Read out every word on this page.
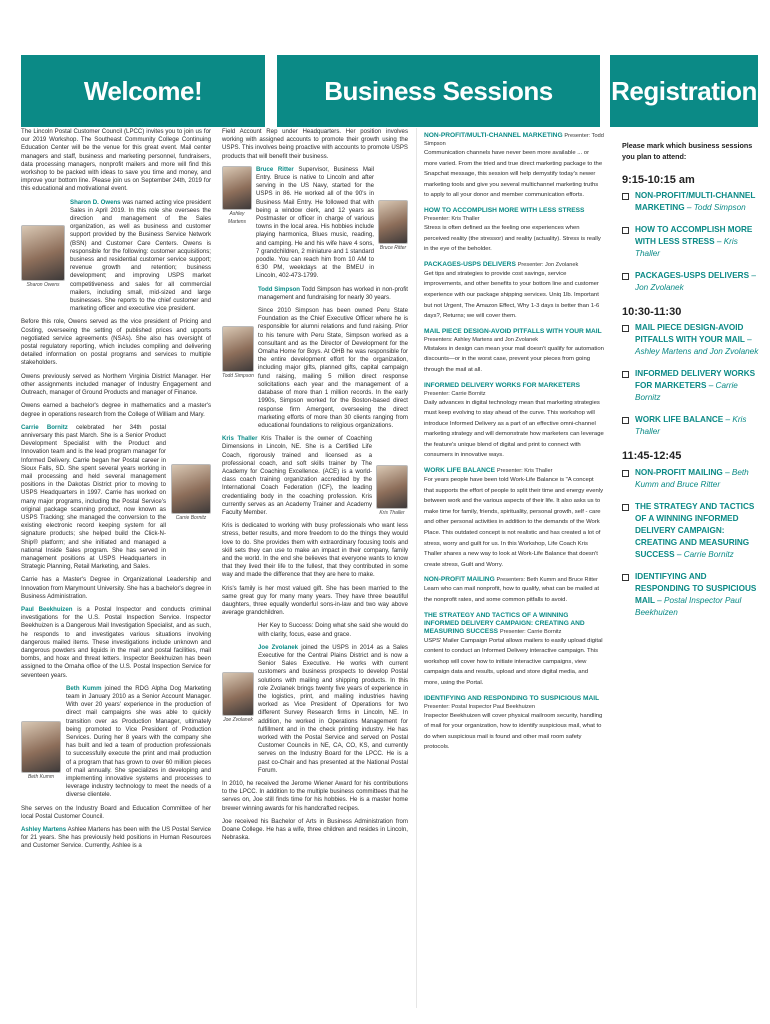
Welcome!	Business Sessions Registration

The Lincoln Postal Customer Council (LPCC) invites you to join us for our 2019 Workshop. The Southeast Community College Continuing Education Center will be the venue for this great event. Mail center managers and staff, business and marketing personnel, fundraisers, data processing managers, nonprofit mailers and more will find this workshop to be packed with ideas to save you time and money, and improve your bottom line. Please join us on September 24th, 2019 for this educational and motivational event.

Sharon Owens

Sharon D. Owens was named acting vice president Sales in April 2019. In this role she oversees the direction and management of the Sales organization, as well as business and customer support provided by the Business Service Network (BSN) and Customer Care Centers. Owens is responsible for the following: customer acquisitions; business and residential customer service support; revenue growth and retention; business development; and improving USPS market competitiveness and sales for all commercial mailers, including small, mid-sized and large businesses. She reports to the chief customer and marketing officer and executive vice president.

Before this role, Owens served as the vice president of Pricing and Costing, overseeing the setting of published prices and upports negotiated service agreements (NSAs). She also has oversight of postal regulatory reporting, which includes compiling and delivering detailed information on postal programs and services to multiple stakeholders.

Owens previously served as Northern Virginia District Manager. Her other assignments included manager of Industry Engagement and Outreach, manager of Ground Products and manager of Finance.

Owens earned a bachelor's degree in mathematics and a master's degree in operations research from the College of William and Mary.

Carrie Bornitz celebrated her 34th postal anniversary this past March. She is a Senior Product Development Specialist with the Product and Innovation team and is the lead program manager for Informed Delivery. Carrie began her Postal career in Sioux Falls, SD. She spent several years working in mail processing and held several management positions in the Dakotas District prior to moving to USPS Headquarters in 1997. Carrie has worked on many major programs, including the Postal Service's original package scanning product, now known as USPS Tracking; she managed the conversion to the existing electronic record keeping system for all signature products; she helped build the Click-N-Ship® platform; and she initiated and managed a national Inside Sales program. She has served in management positions at USPS Headquarters in Strategic Planning, Retail Marketing, and Sales.

Carrie Bornitz

Carrie has a Master's Degree in Organizational Leadership and Innovation from Marymount University. She has a bachelor's degree in Business Administration.

Paul Beekhuizen is a Postal Inspector and conducts criminal investigations for the U.S. Postal Inspection Service. Inspector Beekhuizen is a Dangerous Mail Investigation Specialist, and as such, he responds to and investigates various situations involving dangerous mailed items. These investigations include unknown and dangerous powders and liquids in the mail and postal facilities, mail bombs, and hoax and threat letters. Inspector Beekhuizen has been assigned to the Omaha office of the U.S. Postal Inspection Service for seventeen years.

Beth Kumm

Beth Kumm joined the RDG Alpha Dog Marketing team in January 2010 as a Senior Account Manager. With over 20 years' experience in the production of direct mail campaigns she was able to quickly transition over as Production Manager, ultimately being promoted to Vice President of Production Services. During her 8 years with the company she has built and led a team of production professionals to successfully execute the print and mail production of a program that has grown to over 60 million pieces of mail annually. She specializes in developing and implementing innovative systems and processes to leverage industry technology to meet the needs of a diverse clientele.

She serves on the Industry Board and Education Committee of her local Postal Customer Council.

Ashley Martens Ashlee Martens has been with the US Postal Service for 21 years. She has previously held positions in Human Resources and Customer Service. Currently, Ashlee is a

Field Account Rep under Headquarters. Her position involves working with assigned accounts to promote their growth using the USPS. This involves being proactive with accounts to promote USPS products that will benefit their business.

Ashley Martens

Bruce Ritter Supervisor, Business Mail Entry. Bruce is native to Lincoln and after serving in the US Navy, started for the USPS in 86. He worked all of the 90's in Business Mail Entry. He followed that with being a window clerk, and 12 years as Postmaster or officer in charge of various towns in the local area. His hobbies include playing harmonica, Blues music, reading, and camping. He and his wife have 4 sons, 7 grandchildren, 2 miniature and 1 standard poodle. You can reach him from 10 AM to 6:30 PM, weekdays at the BMEU in Lincoln, 402-473-1799.

Bruce Ritter
Todd Simpson

Todd Simpson Todd Simpson has worked in non-profit management and fundraising for nearly 30 years.

Since 2010 Simpson has been owned Peru State Foundation as the Chief Executive Officer where he is responsible for alumni relations and fund raising. Prior to his tenure with Peru State, Simpson worked as a consultant and as the Director of Development for the Omaha Home for Boys. At OHB he was responsible for the entire development effort for the organization, including major gifts, planned gifts, capital campaign fund raising, mailing 5 million direct response solicitations each year and the management of a database of more than 1 million records. In the early 1990s, Simpson worked for the Boston-based direct response firm Amergent, overseeing the direct marketing efforts of more than 30 clients ranging from educational foundations to religious organizations.

Kris Thaller Kris Thaller is the owner of Coaching Dimensions in Lincoln, NE. She is a Certified Life Coach, rigorously trained and licensed as a professional coach, and soft skills trainer by The Academy for Coaching Excellence. (ACE) is a world-class coach training organization accredited by the International Coach Federation (ICF), the leading credentialing body in the coaching profession. Kris currently serves as an Academy Trainer and Academy Faculty Member.	Kris Thaller

Kris is dedicated to working with busy professionals who want less stress, better results, and more freedom to do the things they would love to do. She provides them with extraordinary focusing tools and skill sets they can use to make an impact in their company, family and the world. In the end she believes that everyone wants to know that they lived their life to the fullest, that they contributed in some way and made the difference that they are here to make.

Kris's family is her most valued gift. She has been married to the same great guy for many many years. They have three beautiful daughters, three equally wonderful sons-in-law and two way above average grandchildren.

Joe Zvolanek

Her Key to Success: Doing what she said she would do with clarity, focus, ease and grace.

Joe Zvolanek joined the USPS in 2014 as a Sales Executive for the Central Plains District and is now a Senior Sales Executive. He works with current customers and business prospects to develop Postal solutions with mailing and shipping products. In this role Zvolanek brings twenty five years of experience in the logistics, print, and mailing industries having worked as Vice President of Operations for two different Survey Research firms in Lincoln, NE. In addition, he worked in Operations Management for fulfillment and in the check printing industry. He has worked with the Postal Service and served on Postal Customer Councils in NE, CA, CO, KS, and currently serves on the Industry Board for the LPCC. He is a past co-Chair and has presented at the National Postal Forum.

In 2010, he received the Jerome Wiener Award for his contributions to the LPCC. In addition to the multiple business committees that he serves on, Joe still finds time for his hobbies. He is a master home brewer winning awards for his handcrafted recipes.

Joe received his Bachelor of Arts in Business Administration from Doane College. He has a wife, three children and resides in Lincoln, Nebraska.

NON-PROFIT/MULTI-CHANNEL MARKETING Presenter: Todd Simpson
Communication channels have never been more available ... or more varied. From the tried and true direct marketing package to the Snapchat message, this session will help demystify today's newer marketing tools and give you several multichannel marketing truths to apply to all your donor and member communication efforts.
HOW TO ACCOMPLISH MORE WITH LESS STRESS Presenter: Kris Thaller
Stress is often defined as the feeling one experiences when perceived reality (the stressor) and reality (actuality). Stress is really in the eye of the beholder.
PACKAGES-USPS DELIVERS Presenter: Jon Zvolanek
Get tips and strategies to provide cost savings, service improvements, and other benefits to your bottom line and customer experience with our package shipping services. Uniq 1lb. Important but not Urgent, The Amazon Effect, Why 1-3 days is better than 1-6 days?, Returns; we will cover them.
MAIL PIECE DESIGN-AVOID PITFALLS WITH YOUR MAIL Presenters: Ashley Martens and Jon Zvolanek
Mistakes in design can mean your mail doesn't qualify for automation discounts—or in the worst case, prevent your pieces from going through the mail at all.
INFORMED DELIVERY WORKS FOR MARKETERS Presenter: Carrie Bornitz
Daily advances in digital technology mean that marketing strategies must keep evolving to stay ahead of the curve. This workshop will introduce Informed Delivery as a part of an effective omni-channel marketing strategy and will demonstrate how marketers can leverage the feature's unique blend of digital and print to connect with consumers in innovative ways.
WORK LIFE BALANCE Presenter: Kris Thaller
For years people have been told Work-Life Balance is "A concept that supports the effort of people to split their time and energy evenly between work and the various aspects of their life. It also asks us to make time for family, friends, spirituality, personal growth, self - care and other personal activities in addition to the demands of the Work Place. This outdated concept is not realistic and has created a lot of stress, worry and guilt for us. In this Workshop, Life Coach Kris Thaller shares a new way to look at Work-Life Balance that doesn't create stress, Guilt and Worry.
NON-PROFIT MAILING Presenters: Beth Kumm and Bruce Ritter
Learn who can mail nonprofit, how to qualify, what can be mailed at the nonprofit rates, and some common pitfalls to avoid.
THE STRATEGY AND TACTICS OF A WINNING INFORMED DELIVERY CAMPAIGN: CREATING AND MEASURING SUCCESS Presenter: Carrie Bornitz
USPS' Mailer Campaign Portal allows mailers to easily upload digital content to conduct an Informed Delivery interactive campaign. This workshop will cover how to initiate interactive campaigns, view campaign data and results, upload and store digital media, and more, using the Portal.
IDENTIFYING AND RESPONDING TO SUSPICIOUS MAIL Presenter: Postal Inspector Paul Beekhuizen
Inspector Beekhuizen will cover physical mailroom security, handling of mail for your organization, how to identify suspicious mail, what to do when suspicious mail is found and other mail room safety protocols.
Please mark which business sessions you plan to attend:
9:15-10:15 am
NON-PROFIT/MULTI-CHANNEL MARKETING – Todd Simpson
HOW TO ACCOMPLISH MORE WITH LESS STRESS – Kris Thaller
PACKAGES-USPS DELIVERS – Jon Zvolanek
10:30-11:30
MAIL PIECE DESIGN-AVOID PITFALLS WITH YOUR MAIL – Ashley Martens and Jon Zvolanek
INFORMED DELIVERY WORKS FOR MARKETERS – Carrie Bornitz
WORK LIFE BALANCE – Kris Thaller
11:45-12:45
NON-PROFIT MAILING – Beth Kumm and Bruce Ritter
THE STRATEGY AND TACTICS OF A WINNING INFORMED DELIVERY CAMPAIGN: CREATING AND MEASURING SUCCESS – Carrie Bornitz
IDENTIFYING AND RESPONDING TO SUSPICIOUS MAIL – Postal Inspector Paul Beekhuizen
